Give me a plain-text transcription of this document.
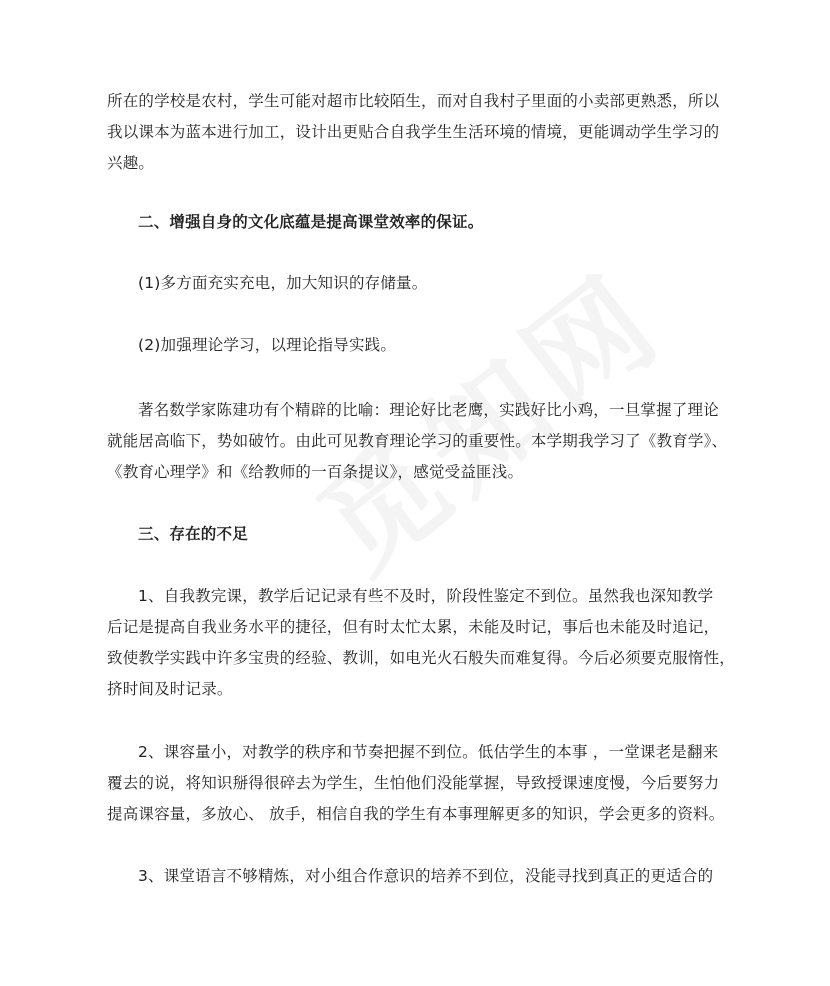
所在的学校是农村，学生可能对超市比较陌生，而对自我村子里面的小卖部更熟悉，所以
我以课本为蓝本进行加工，设计出更贴合自我学生生活环境的情境，更能调动学生学习的
兴趣。
二、增强自身的文化底蕴是提高课堂效率的保证。
(1)多方面充实充电，加大知识的存储量。
(2)加强理论学习，以理论指导实践。
著名数学家陈建功有个精辟的比喻：理论好比老鹰，实践好比小鸡，一旦掌握了理论
就能居高临下，势如破竹。由此可见教育理论学习的重要性。本学期我学习了《教育学》、
《教育心理学》和《给教师的一百条提议》，感觉受益匪浅。
三、存在的不足
1、自我教完课，教学后记记录有些不及时，阶段性鉴定不到位。虽然我也深知教学
后记是提高自我业务水平的捷径，但有时太忙太累，未能及时记，事后也未能及时追记，
致使教学实践中许多宝贵的经验、教训，如电光火石般失而难复得。今后必须要克服惰性，
挤时间及时记录。
2、课容量小，对教学的秩序和节奏把握不到位。低估学生的本事 ，一堂课老是翻来
覆去的说，将知识掰得很碎去为学生，生怕他们没能掌握，导致授课速度慢，今后要努力
提高课容量，多放心、 放手，相信自我的学生有本事理解更多的知识，学会更多的资料。
3、课堂语言不够精炼，对小组合作意识的培养不到位，没能寻找到真正的更适合的
